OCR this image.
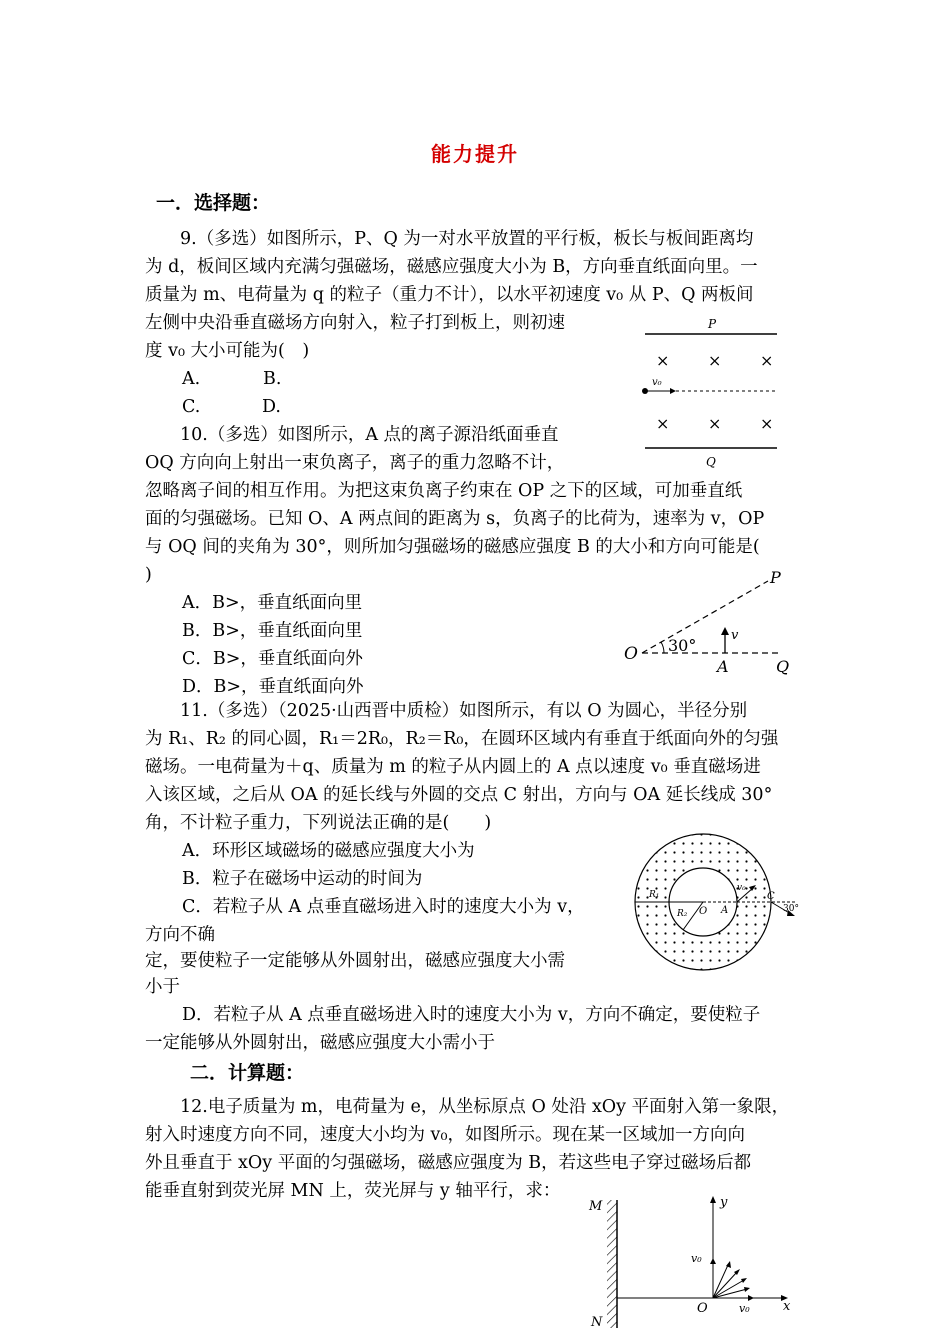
能力提升
一．选择题：
9.（多选）如图所示，P、Q 为一对水平放置的平行板，板长与板间距离均
为 d，板间区域内充满匀强磁场，磁感应强度大小为 B，方向垂直纸面向里。一
质量为 m、电荷量为 q 的粒子（重力不计），以水平初速度 v₀ 从 P、Q 两板间
左侧中央沿垂直磁场方向射入，粒子打到板上，则初速
度 v₀ 大小可能为(　)
A.	B.
C.	D.
P
× × ×
v₀
× × ×
Q
10.（多选）如图所示，A 点的离子源沿纸面垂直
OQ 方向向上射出一束负离子，离子的重力忽略不计，
忽略离子间的相互作用。为把这束负离子约束在 OP 之下的区域，可加垂直纸
面的匀强磁场。已知 O、A 两点间的距离为 s，负离子的比荷为，速率为 v，OP
与 OQ 间的夹角为 30°，则所加匀强磁场的磁感应强度 B 的大小和方向可能是(
)
A．B>，垂直纸面向里
B．B>，垂直纸面向里
C．B>，垂直纸面向外
D．B>，垂直纸面向外
O
P
Q
30°
v
A
11.（多选）（2025·山西晋中质检）如图所示，有以 O 为圆心，半径分别
为 R₁、R₂ 的同心圆，R₁＝2R₀，R₂＝R₀，在圆环区域内有垂直于纸面向外的匀强
磁场。一电荷量为＋q、质量为 m 的粒子从内圆上的 A 点以速度 v₀ 垂直磁场进
入该区域，之后从 OA 的延长线与外圆的交点 C 射出，方向与 OA 延长线成 30°
角，不计粒子重力，下列说法正确的是(　　)
A．环形区域磁场的磁感应强度大小为
B．粒子在磁场中运动的时间为
C．若粒子从 A 点垂直磁场进入时的速度大小为 v，
方向不确
定，要使粒子一定能够从外圆射出，磁感应强度大小需
小于
D．若粒子从 A 点垂直磁场进入时的速度大小为 v，方向不确定，要使粒子
一定能够从外圆射出，磁感应强度大小需小于
R₁
R₂ O A
v₀
C
30°
二．计算题：
12.电子质量为 m，电荷量为 e，从坐标原点 O 处沿 xOy 平面射入第一象限，
射入时速度方向不同，速度大小均为 v₀，如图所示。现在某一区域加一方向向
外且垂直于 xOy 平面的匀强磁场，磁感应强度为 B，若这些电子穿过磁场后都
能垂直射到荧光屏 MN 上，荧光屏与 y 轴平行，求：
M
N
x
y
O
v₀
v₀
